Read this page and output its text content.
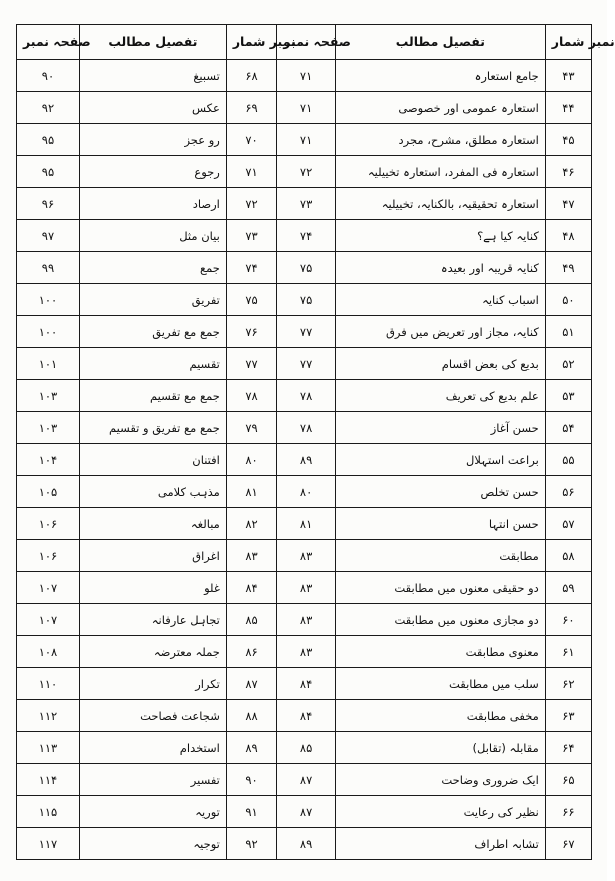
صفحہ نمبر	تفصیل مطالب	نمبر شمار	صفحہ نمبر	تفصیل مطالب	نمبر شمار
۹۰	تسبیغ	۶۸	۷۱	جامع استعارہ	۴۳
۹۲	عکس	۶۹	۷۱	استعارہ عمومی اور خصوصی	۴۴
۹۵	رو عجز	۷۰	۷۱	استعارہ مطلق، مشرح، مجرد	۴۵
۹۵	رجوع	۷۱	۷۲	استعارہ فی المفرد، استعارہ تخییلیہ	۴۶
۹۶	ارصاد	۷۲	۷۳	استعارہ تحقیقیہ، بالکنایہ، تخییلیہ	۴۷
۹۷	بیان مثل	۷۳	۷۴	کنایہ کیا ہے؟	۴۸
۹۹	جمع	۷۴	۷۵	کنایہ قریبہ اور بعیدہ	۴۹
۱۰۰	تفریق	۷۵	۷۵	اسباب کنایہ	۵۰
۱۰۰	جمع مع تفریق	۷۶	۷۷	کنایہ، مجاز اور تعریض میں فرق	۵۱
۱۰۱	تقسیم	۷۷	۷۷	بدیع کی بعض اقسام	۵۲
۱۰۳	جمع مع تقسیم	۷۸	۷۸	علم بدیع کی تعریف	۵۳
۱۰۳	جمع مع تفریق و تقسیم	۷۹	۷۸	حسن آغاز	۵۴
۱۰۴	افتنان	۸۰	۸۹	براعت استہلال	۵۵
۱۰۵	مذہب کلامی	۸۱	۸۰	حسن تخلص	۵۶
۱۰۶	مبالغہ	۸۲	۸۱	حسن انتہا	۵۷
۱۰۶	اغراق	۸۳	۸۳	مطابقت	۵۸
۱۰۷	غلو	۸۴	۸۳	دو حقیقی معنوں میں مطابقت	۵۹
۱۰۷	تجاہل عارفانہ	۸۵	۸۳	دو مجازی معنوں میں مطابقت	۶۰
۱۰۸	جملہ معترضہ	۸۶	۸۳	معنوی مطابقت	۶۱
۱۱۰	تکرار	۸۷	۸۴	سلب میں مطابقت	۶۲
۱۱۲	شجاعت فصاحت	۸۸	۸۴	مخفی مطابقت	۶۳
۱۱۳	استخدام	۸۹	۸۵	مقابلہ (تقابل)	۶۴
۱۱۴	تفسیر	۹۰	۸۷	ایک ضروری وضاحت	۶۵
۱۱۵	توریہ	۹۱	۸۷	نظیر کی رعایت	۶۶
۱۱۷	توجیہ	۹۲	۸۹	تشابہ اطراف	۶۷
